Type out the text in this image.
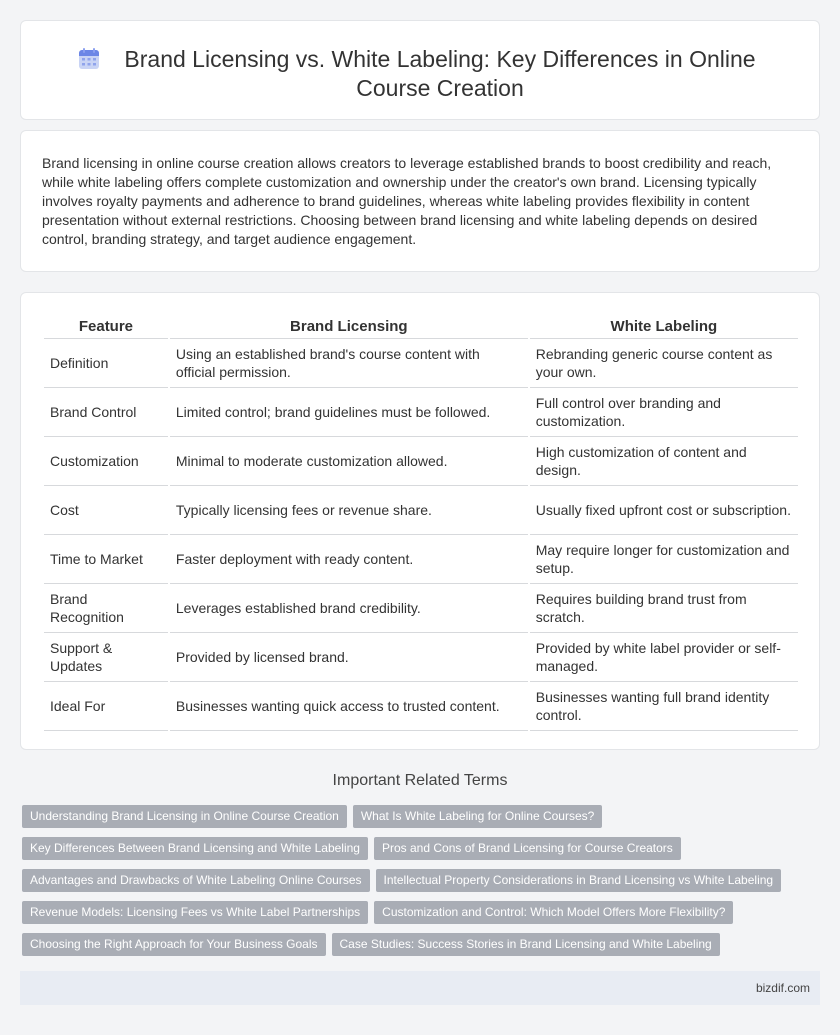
Brand Licensing vs. White Labeling: Key Differences in Online Course Creation

Brand licensing in online course creation allows creators to leverage established brands to boost credibility and reach, while white labeling offers complete customization and ownership under the creator's own brand. Licensing typically involves royalty payments and adherence to brand guidelines, whereas white labeling provides flexibility in content presentation without external restrictions. Choosing between brand licensing and white labeling depends on desired control, branding strategy, and target audience engagement.

Feature	Brand Licensing	White Labeling
Definition	Using an established brand's course content with official permission.	Rebranding generic course content as your own.
Brand Control	Limited control; brand guidelines must be followed.	Full control over branding and customization.
Customization	Minimal to moderate customization allowed.	High customization of content and design.
Cost	Typically licensing fees or revenue share.	Usually fixed upfront cost or subscription.
Time to Market	Faster deployment with ready content.	May require longer for customization and setup.
Brand Recognition	Leverages established brand credibility.	Requires building brand trust from scratch.
Support & Updates	Provided by licensed brand.	Provided by white label provider or self-managed.
Ideal For	Businesses wanting quick access to trusted content.	Businesses wanting full brand identity control.
Important Related Terms
Understanding Brand Licensing in Online Course Creation	What Is White Labeling for Online Courses?
Key Differences Between Brand Licensing and White Labeling	Pros and Cons of Brand Licensing for Course Creators
Advantages and Drawbacks of White Labeling Online Courses	Intellectual Property Considerations in Brand Licensing vs White Labeling
Revenue Models: Licensing Fees vs White Label Partnerships	Customization and Control: Which Model Offers More Flexibility?
Choosing the Right Approach for Your Business Goals	Case Studies: Success Stories in Brand Licensing and White Labeling
bizdif.com
